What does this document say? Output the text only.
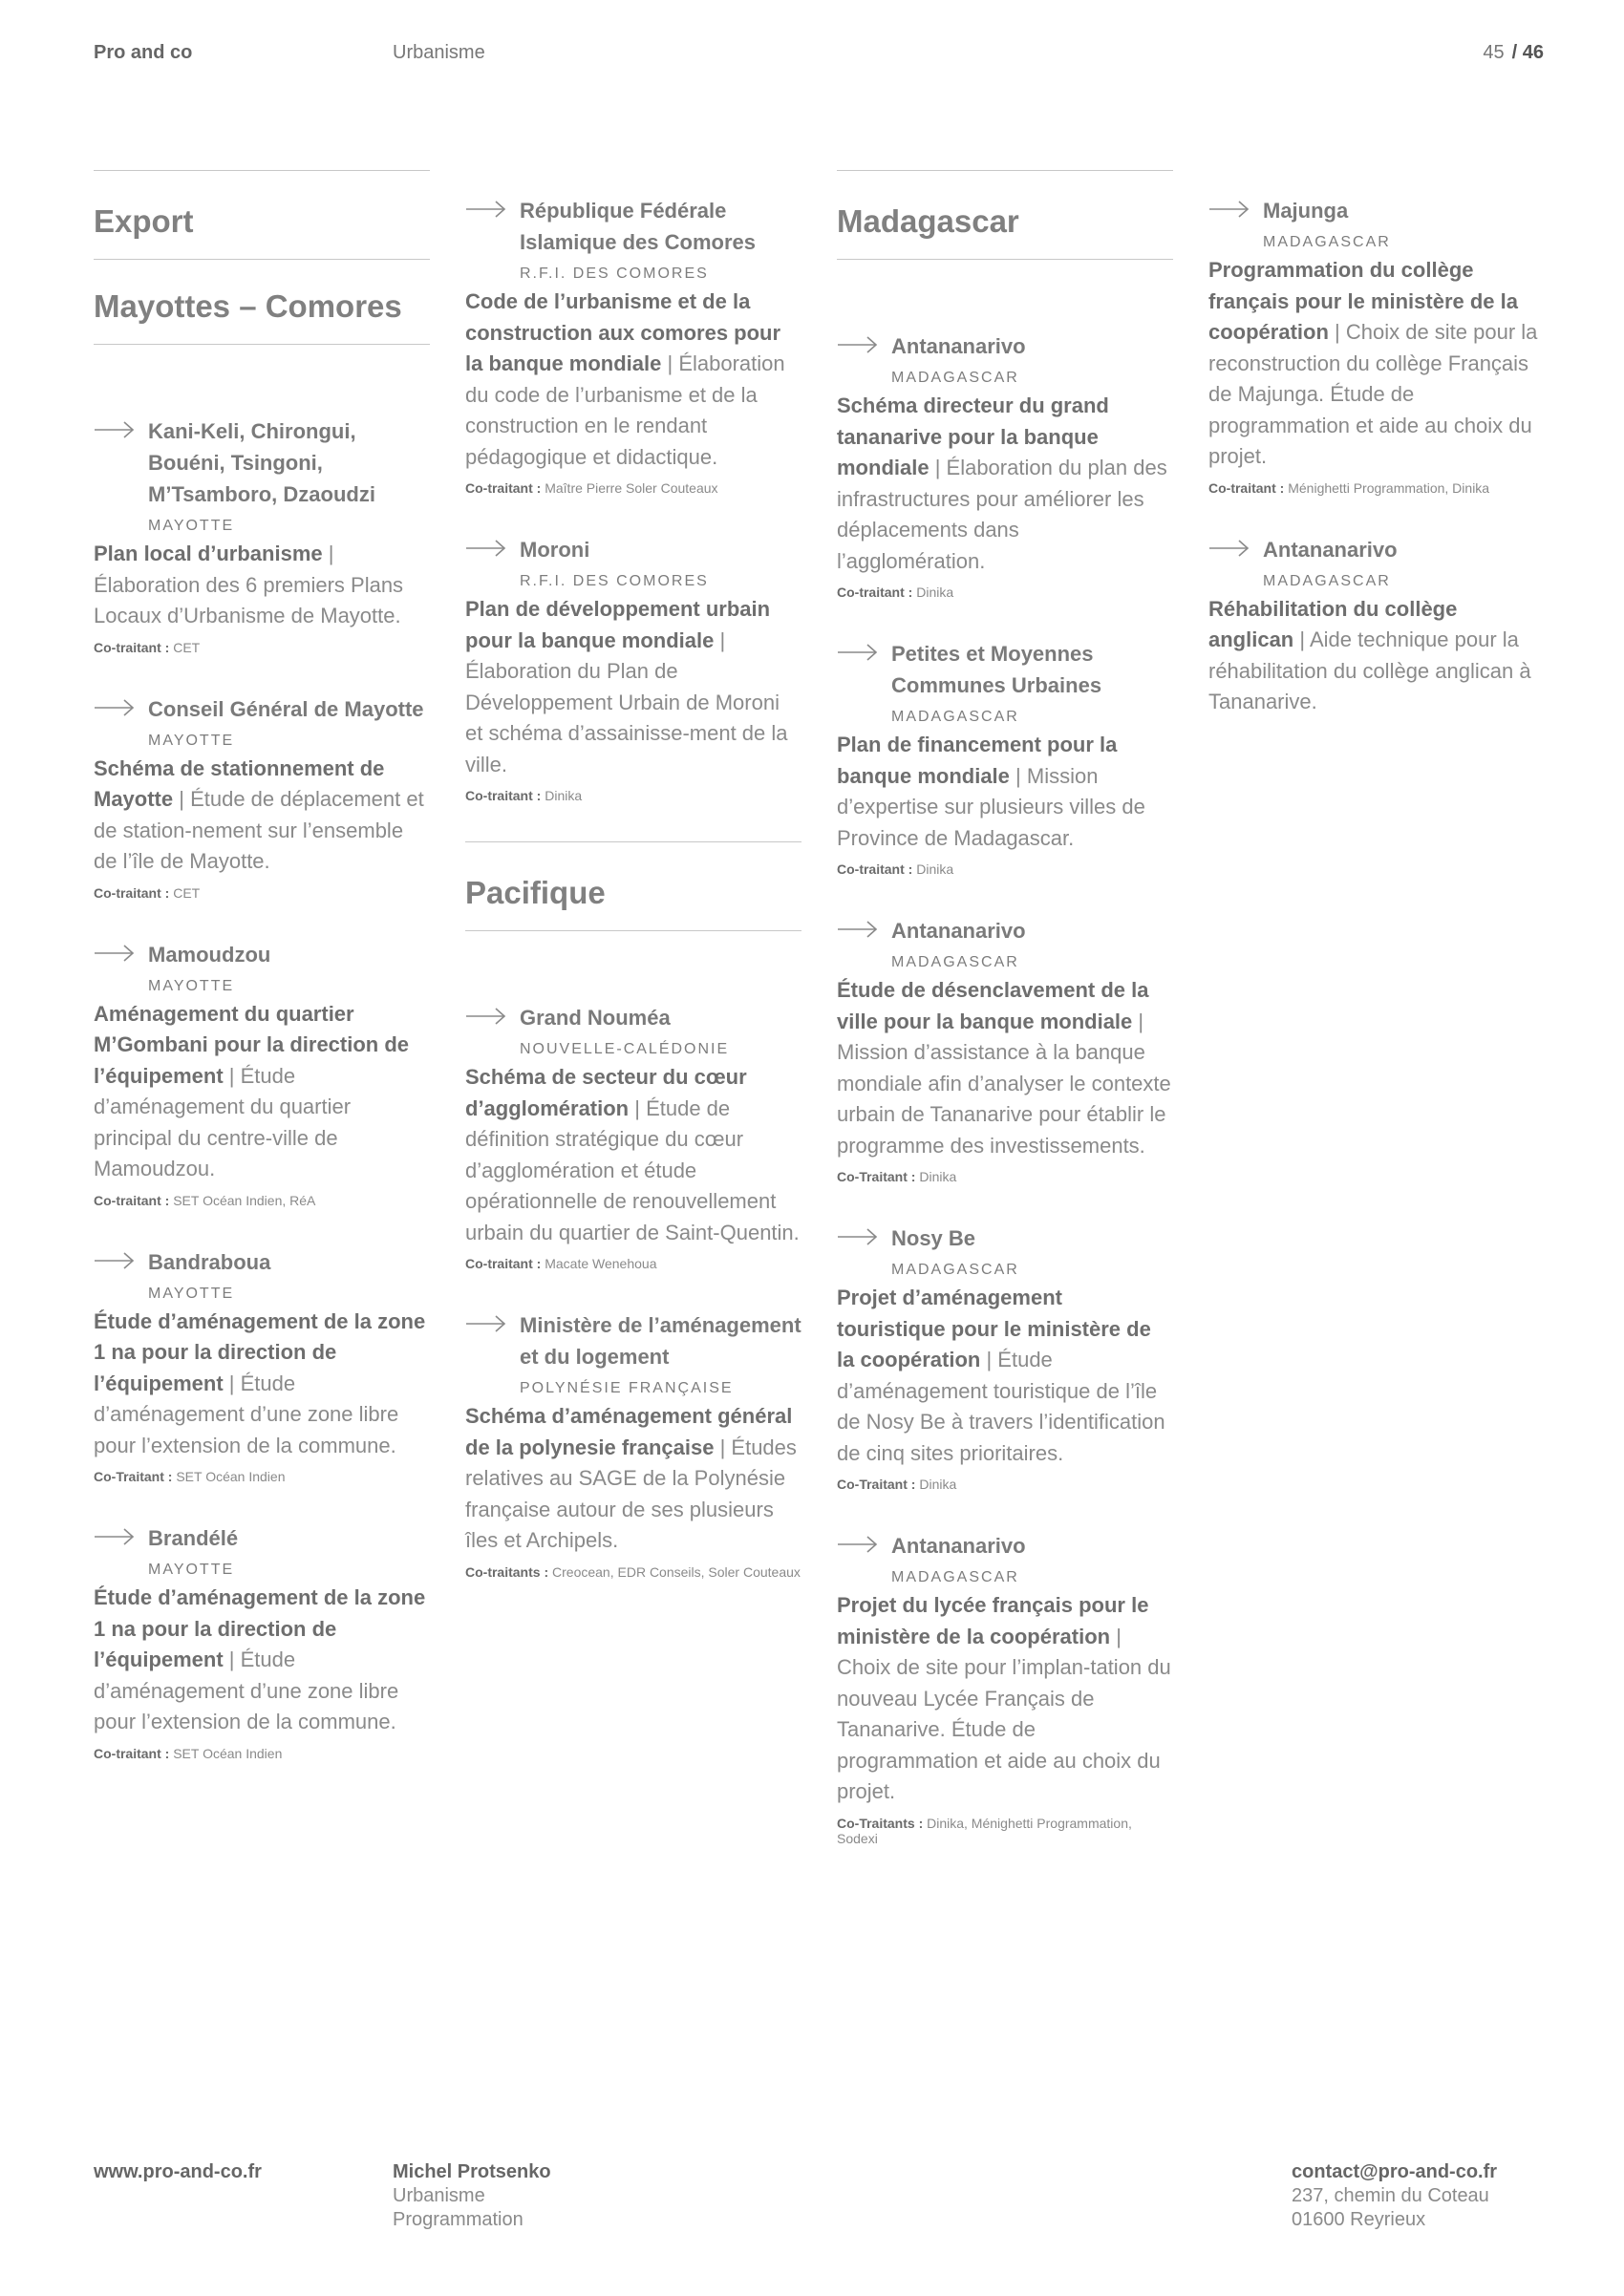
Pro and co	Urbanisme	45 / 46
Export
Mayottes – Comores
Kani-Keli, Chirongui, Bouéni, Tsingoni, M’Tsamboro, Dzaoudzi
MAYOTTE
Plan local d’urbanisme | Élaboration des 6 premiers Plans Locaux d’Urbanisme de Mayotte.
Co-traitant : CET
Conseil Général de Mayotte
MAYOTTE
Schéma de stationnement de Mayotte | Étude de déplacement et de station-nement sur l’ensemble de l’île de Mayotte.
Co-traitant : CET
Mamoudzou
MAYOTTE
Aménagement du quartier M’Gombani pour la direction de l’équipement | Étude d’aménagement du quartier principal du centre-ville de Mamoudzou.
Co-traitant : SET Océan Indien, RéA
Bandraboua
MAYOTTE
Étude d’aménagement de la zone 1 na pour la direction de l’équipement | Étude d’aménagement d’une zone libre pour l’extension de la commune.
Co-Traitant : SET Océan Indien
Brandélé
MAYOTTE
Étude d’aménagement de la zone 1 na pour la direction de l’équipement | Étude d’aménagement d’une zone libre pour l’extension de la commune.
Co-traitant : SET Océan Indien
République Fédérale Islamique des Comores
R.F.I. DES COMORES
Code de l’urbanisme et de la construction aux comores pour la banque mondiale | Élaboration du code de l’urbanisme et de la construction en le rendant pédagogique et didactique.
Co-traitant : Maître Pierre Soler Couteaux
Moroni
R.F.I. DES COMORES
Plan de développement urbain pour la banque mondiale | Élaboration du Plan de Développement Urbain de Moroni et schéma d’assainisse-ment de la ville.
Co-traitant : Dinika
Pacifique
Grand Nouméa
NOUVELLE-CALÉDONIE
Schéma de secteur du cœur d’agglomération | Étude de définition stratégique du cœur d’agglomération et étude opérationnelle de renouvellement urbain du quartier de Saint-Quentin.
Co-traitant : Macate Wenehoua
Ministère de l’aménagement et du logement
POLYNÉSIE FRANÇAISE
Schéma d’aménagement général de la polynesie française | Études relatives au SAGE de la Polynésie française autour de ses plusieurs îles et Archipels.
Co-traitants : Creocean, EDR Conseils, Soler Couteaux
Madagascar
Antananarivo
MADAGASCAR
Schéma directeur du grand tananarive pour la banque mondiale | Élaboration du plan des infrastructures pour améliorer les déplacements dans l’agglomération.
Co-traitant : Dinika
Petites et Moyennes Communes Urbaines
MADAGASCAR
Plan de financement pour la banque mondiale | Mission d’expertise sur plusieurs villes de Province de Madagascar.
Co-traitant : Dinika
Antananarivo
MADAGASCAR
Étude de désenclavement de la ville pour la banque mondiale | Mission d’assistance à la banque mondiale afin d’analyser le contexte urbain de Tananarive pour établir le programme des investissements.
Co-Traitant : Dinika
Nosy Be
MADAGASCAR
Projet d’aménagement touristique pour le ministère de la coopération | Étude d’aménagement touristique de l’île de Nosy Be à travers l’identification de cinq sites prioritaires.
Co-Traitant : Dinika
Antananarivo
MADAGASCAR
Projet du lycée français pour le ministère de la coopération | Choix de site pour l’implan-tation du nouveau Lycée Français de Tananarive. Étude de programmation et aide au choix du projet.
Co-Traitants : Dinika, Ménighetti Programmation, Sodexi
Majunga
MADAGASCAR
Programmation du collège français pour le ministère de la coopération | Choix de site pour la reconstruction du collège Français de Majunga. Étude de programmation et aide au choix du projet.
Co-traitant : Ménighetti Programmation, Dinika
Antananarivo
MADAGASCAR
Réhabilitation du collège anglican | Aide technique pour la réhabilitation du collège anglican à Tananarive.
www.pro-and-co.fr	Michel Protsenko
Urbanisme
Programmation
contact@pro-and-co.fr
237, chemin du Coteau
01600 Reyrieux
